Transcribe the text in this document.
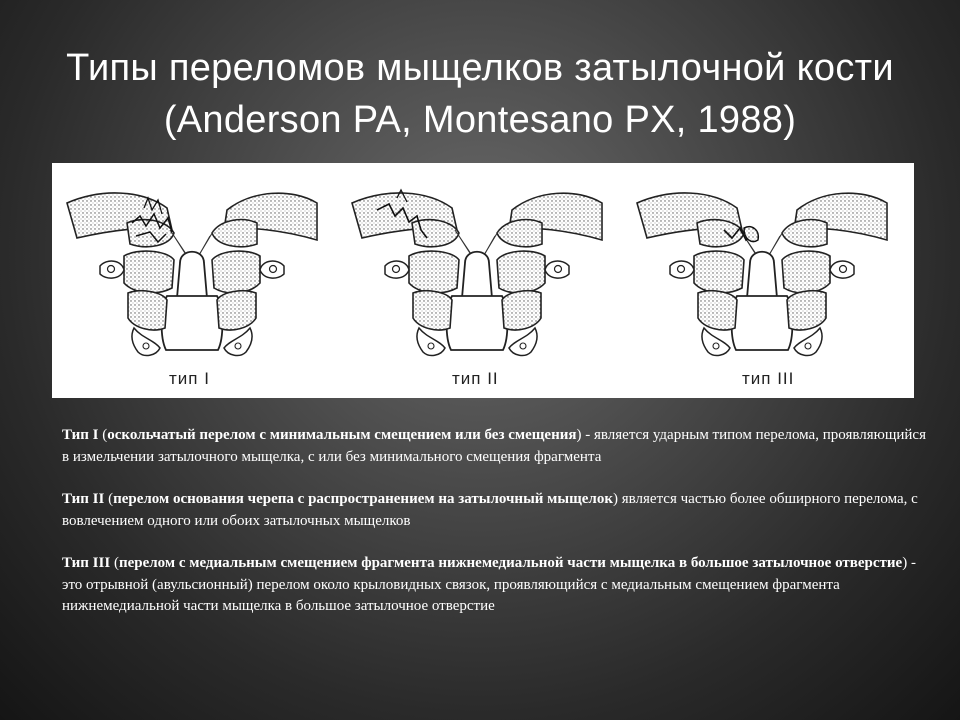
Типы переломов мыщелков затылочной кости
(Anderson PA, Montesano PX, 1988)
тип I	тип II	тип III

Тип I (оскольчатый перелом с минимальным смещением или без смещения) - является ударным типом перелома, проявляющийся в измельчении затылочного мыщелка, с или без минимального смещения фрагмента

Тип II (перелом основания черепа с распространением на затылочный мыщелок) является частью более обширного перелома, с вовлечением одного или обоих затылочных мыщелков

Тип III (перелом с медиальным смещением фрагмента нижнемедиальной части мыщелка в большое затылочное отверстие) - это отрывной (авульсионный) перелом около крыловидных связок, проявляющийся с медиальным смещением фрагмента нижнемедиальной части мыщелка в большое затылочное отверстие
